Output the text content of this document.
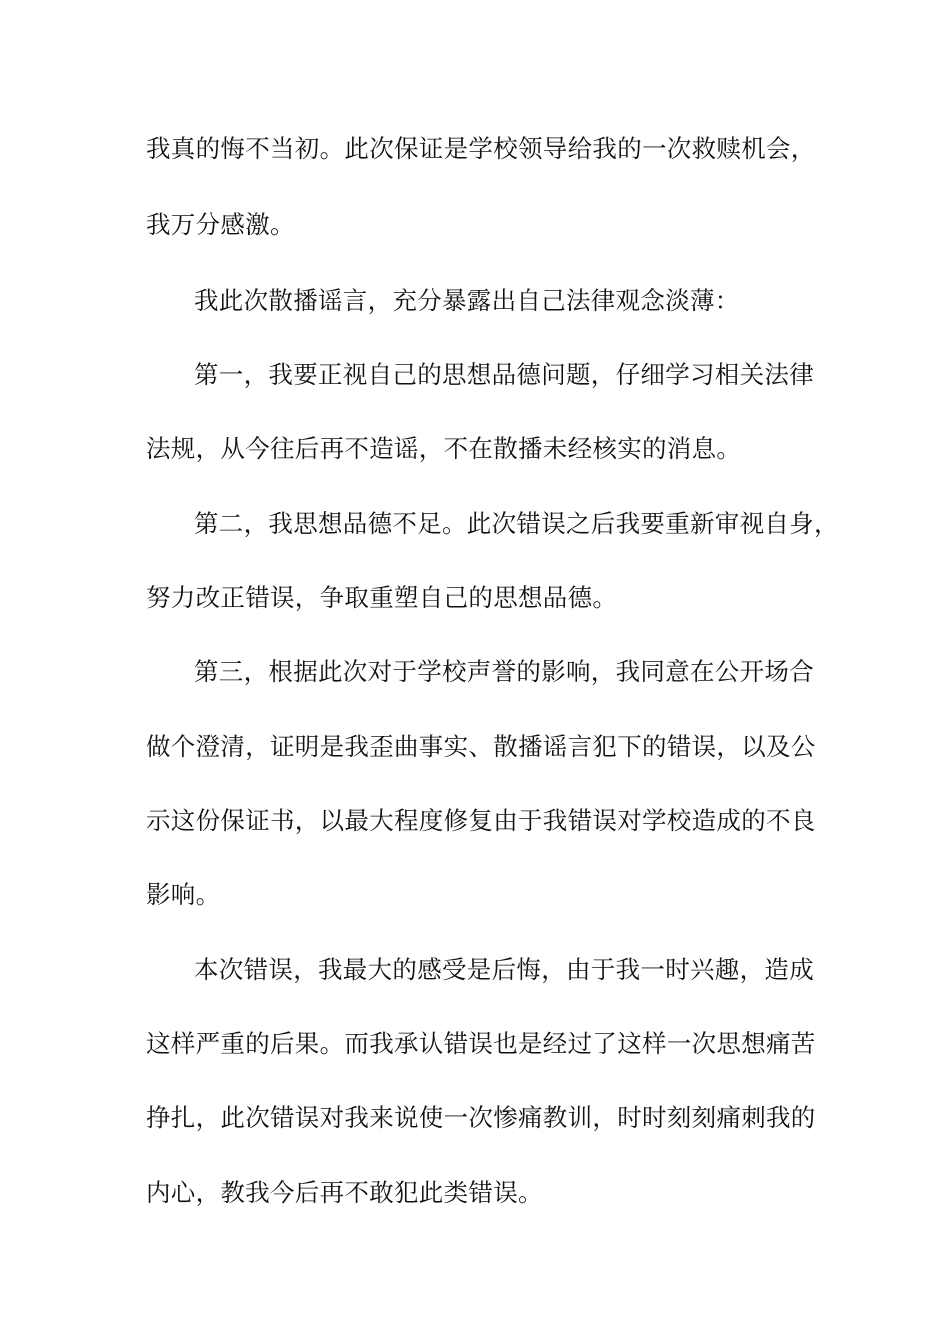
我真的悔不当初。此次保证是学校领导给我的一次救赎机会，
我万分感激。
我此次散播谣言，充分暴露出自己法律观念淡薄：
第一，我要正视自己的思想品德问题，仔细学习相关法律
法规，从今往后再不造谣，不在散播未经核实的消息。
第二，我思想品德不足。此次错误之后我要重新审视自身，
努力改正错误，争取重塑自己的思想品德。
第三，根据此次对于学校声誉的影响，我同意在公开场合
做个澄清，证明是我歪曲事实、散播谣言犯下的错误，以及公
示这份保证书，以最大程度修复由于我错误对学校造成的不良
影响。
本次错误，我最大的感受是后悔，由于我一时兴趣，造成
这样严重的后果。而我承认错误也是经过了这样一次思想痛苦
挣扎，此次错误对我来说使一次惨痛教训，时时刻刻痛刺我的
内心，教我今后再不敢犯此类错误。
